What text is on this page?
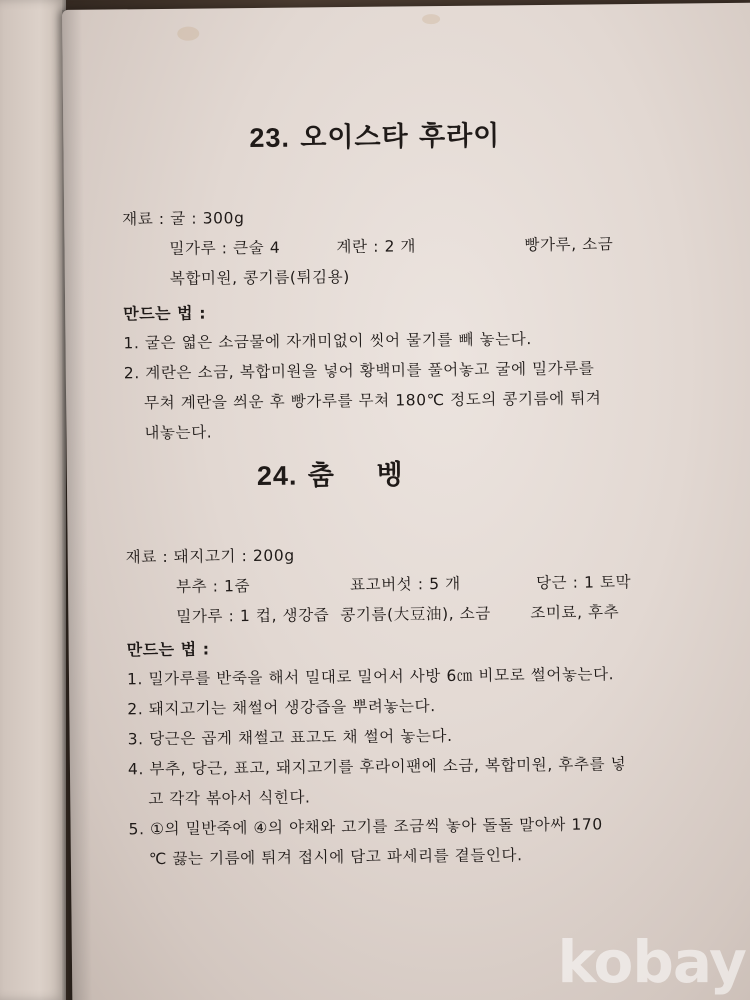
23. 오이스타 후라이
재료 : 굴 : 300g
밀가루 : 큰술 4	계란 : 2 개	빵가루, 소금
복합미원, 콩기름(튀김용)
만드는 법 :
1. 굴은 엷은 소금물에 자개미없이 씻어 물기를 빼 놓는다.
2. 계란은 소금, 복합미원을 넣어 황백미를 풀어놓고 굴에 밀가루를
무쳐 계란을 씌운 후 빵가루를 무쳐 180℃ 정도의 콩기름에 튀겨
내놓는다.
24. 춤    벵
재료 : 돼지고기 : 200g
부추 : 1줌	표고버섯 : 5 개	당근 : 1 토막
밀가루 : 1 컵, 생강즙 콩기름(大豆油), 소금	조미료, 후추
만드는 법 :
1. 밀가루를 반죽을 해서 밀대로 밀어서 사방 6㎝ 비모로 썰어놓는다.
2. 돼지고기는 채썰어 생강즙을 뿌려놓는다.
3. 당근은 곱게 채썰고 표고도 채 썰어 놓는다.
4. 부추, 당근, 표고, 돼지고기를 후라이팬에 소금, 복합미원, 후추를 넣
고 각각 볶아서 식힌다.
5. ①의 밀반죽에 ④의 야채와 고기를 조금씩 놓아 돌돌 말아싸 170
℃ 끓는 기름에 튀겨 접시에 담고 파세리를 곁들인다.
kobay
